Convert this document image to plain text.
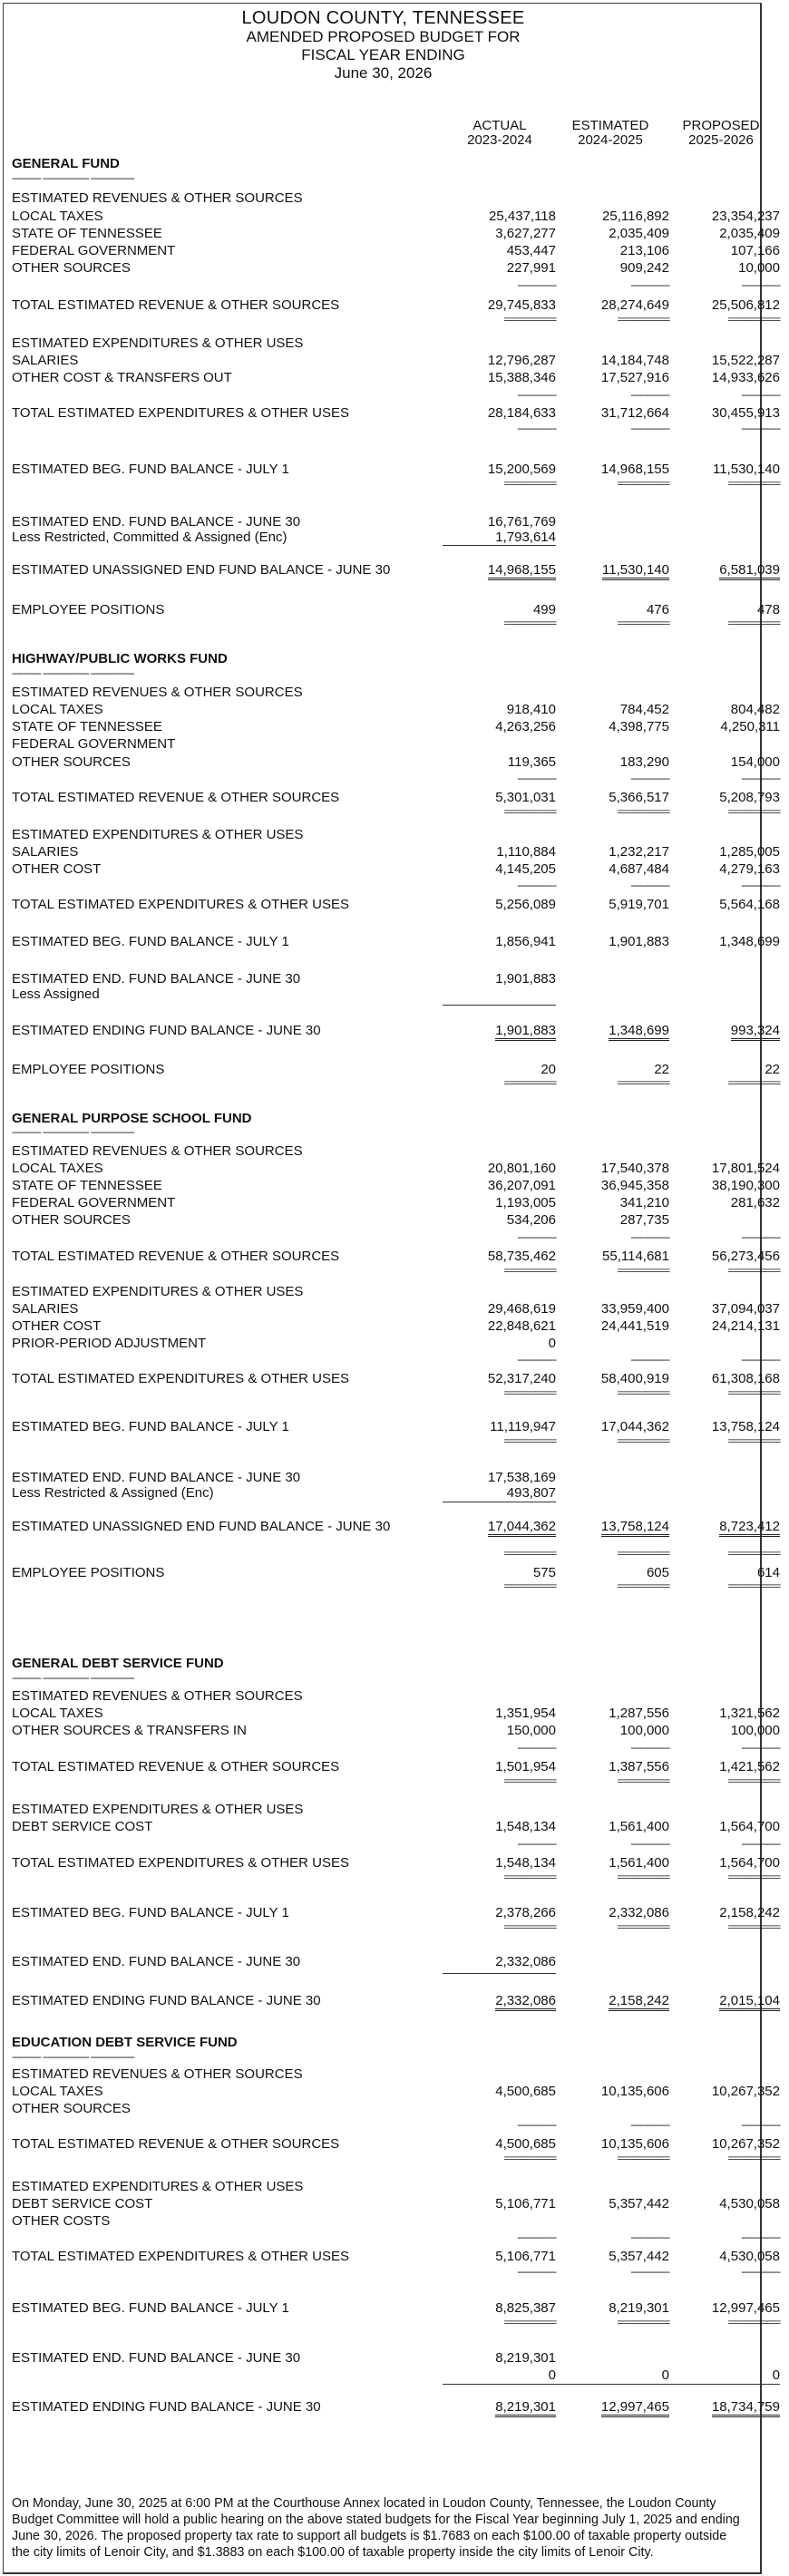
LOUDON COUNTY, TENNESSEE
AMENDED PROPOSED BUDGET FOR
FISCAL YEAR ENDING
June 30, 2026
ACTUAL	ESTIMATED	PROPOSED
2023-2024	2024-2025	2025-2026
GENERAL FUND
------------ ------------------- ------------------
ESTIMATED REVENUES & OTHER SOURCES
LOCAL TAXES	25,437,118	25,116,892	23,354,237
STATE OF TENNESSEE	3,627,277	2,035,409	2,035,409
FEDERAL GOVERNMENT	453,447	213,106	107,166
OTHER SOURCES	227,991	909,242	10,000
----------------	----------------	----------------
TOTAL ESTIMATED REVENUE & OTHER SOURCES	29,745,833	28,274,649	25,506,812
===========	===========	===========
ESTIMATED EXPENDITURES & OTHER USES
SALARIES	12,796,287	14,184,748	15,522,287
OTHER COST & TRANSFERS OUT	15,388,346	17,527,916	14,933,626
----------------	----------------	----------------
TOTAL ESTIMATED EXPENDITURES & OTHER USES	28,184,633	31,712,664	30,455,913
----------------	----------------	----------------
ESTIMATED BEG. FUND BALANCE - JULY 1	15,200,569	14,968,155	11,530,140
===========	===========	===========
ESTIMATED END. FUND BALANCE - JUNE 30	16,761,769
Less Restricted, Committed & Assigned (Enc)	1,793,614
ESTIMATED UNASSIGNED END FUND BALANCE - JUNE 30	14,968,155	11,530,140	6,581,039
EMPLOYEE POSITIONS	499	476	478
===========	===========	===========
HIGHWAY/PUBLIC WORKS FUND
------------ ------------------- ------------------
ESTIMATED REVENUES & OTHER SOURCES
LOCAL TAXES	918,410	784,452	804,482
STATE OF TENNESSEE	4,263,256	4,398,775	4,250,311
FEDERAL GOVERNMENT
OTHER SOURCES	119,365	183,290	154,000
----------------	----------------	----------------
TOTAL ESTIMATED REVENUE & OTHER SOURCES	5,301,031	5,366,517	5,208,793
===========	===========	===========
ESTIMATED EXPENDITURES & OTHER USES
SALARIES	1,110,884	1,232,217	1,285,005
OTHER COST	4,145,205	4,687,484	4,279,163
----------------	----------------	----------------
TOTAL ESTIMATED EXPENDITURES & OTHER USES	5,256,089	5,919,701	5,564,168
ESTIMATED BEG. FUND BALANCE - JULY 1	1,856,941	1,901,883	1,348,699
ESTIMATED END. FUND BALANCE - JUNE 30	1,901,883
Less Assigned
ESTIMATED ENDING FUND BALANCE - JUNE 30	1,901,883	1,348,699	993,324
EMPLOYEE POSITIONS	20	22	22
===========	===========	===========
GENERAL PURPOSE SCHOOL FUND
------------ ------------------- ------------------
ESTIMATED REVENUES & OTHER SOURCES
LOCAL TAXES	20,801,160	17,540,378	17,801,524
STATE OF TENNESSEE	36,207,091	36,945,358	38,190,300
FEDERAL GOVERNMENT	1,193,005	341,210	281,632
OTHER SOURCES	534,206	287,735
----------------	----------------	----------------
TOTAL ESTIMATED REVENUE & OTHER SOURCES	58,735,462	55,114,681	56,273,456
===========	===========	===========
ESTIMATED EXPENDITURES & OTHER USES
SALARIES	29,468,619	33,959,400	37,094,037
OTHER COST	22,848,621	24,441,519	24,214,131
PRIOR-PERIOD ADJUSTMENT	0
----------------	----------------	----------------
TOTAL ESTIMATED EXPENDITURES & OTHER USES	52,317,240	58,400,919	61,308,168
===========	===========	===========
ESTIMATED BEG. FUND BALANCE - JULY 1	11,119,947	17,044,362	13,758,124
===========	===========	===========
ESTIMATED END. FUND BALANCE - JUNE 30	17,538,169
Less Restricted & Assigned (Enc)	493,807
ESTIMATED UNASSIGNED END FUND BALANCE - JUNE 30	17,044,362	13,758,124	8,723,412
===========	===========	===========
EMPLOYEE POSITIONS	575	605	614
===========	===========	===========
GENERAL DEBT SERVICE FUND
------------ ------------------- ------------------
ESTIMATED REVENUES & OTHER SOURCES
LOCAL TAXES	1,351,954	1,287,556	1,321,562
OTHER SOURCES & TRANSFERS IN	150,000	100,000	100,000
----------------	----------------	----------------
TOTAL ESTIMATED REVENUE & OTHER SOURCES	1,501,954	1,387,556	1,421,562
===========	===========	===========
ESTIMATED EXPENDITURES & OTHER USES
DEBT SERVICE COST	1,548,134	1,561,400	1,564,700
----------------	----------------	----------------
TOTAL ESTIMATED EXPENDITURES & OTHER USES	1,548,134	1,561,400	1,564,700
===========	===========	===========
ESTIMATED BEG. FUND BALANCE - JULY 1	2,378,266	2,332,086	2,158,242
===========	===========	===========
ESTIMATED END. FUND BALANCE - JUNE 30	2,332,086
ESTIMATED ENDING FUND BALANCE - JUNE 30	2,332,086	2,158,242	2,015,104
EDUCATION DEBT SERVICE FUND
------------ ------------------- ------------------
ESTIMATED REVENUES & OTHER SOURCES
LOCAL TAXES	4,500,685	10,135,606	10,267,352
OTHER SOURCES
----------------	----------------	----------------
TOTAL ESTIMATED REVENUE & OTHER SOURCES	4,500,685	10,135,606	10,267,352
===========	===========	===========
ESTIMATED EXPENDITURES & OTHER USES
DEBT SERVICE COST	5,106,771	5,357,442	4,530,058
OTHER COSTS
----------------	----------------	----------------
TOTAL ESTIMATED EXPENDITURES & OTHER USES	5,106,771	5,357,442	4,530,058
----------------	----------------	----------------
ESTIMATED BEG. FUND BALANCE - JULY 1	8,825,387	8,219,301	12,997,465
===========	===========	===========
ESTIMATED END. FUND BALANCE - JUNE 30	8,219,301
0	0	0
ESTIMATED ENDING FUND BALANCE - JUNE 30	8,219,301	12,997,465	18,734,759
On Monday, June 30, 2025 at 6:00 PM at the Courthouse Annex located in Loudon County, Tennessee, the Loudon County Budget Committee will hold a public hearing on the above stated budgets for the Fiscal Year beginning July 1, 2025 and ending June 30, 2026. The proposed property tax rate to support all budgets is $1.7683 on each $100.00 of taxable property outside the city limits of Lenoir City, and $1.3883 on each $100.00 of taxable property inside the city limits of Lenoir City.
